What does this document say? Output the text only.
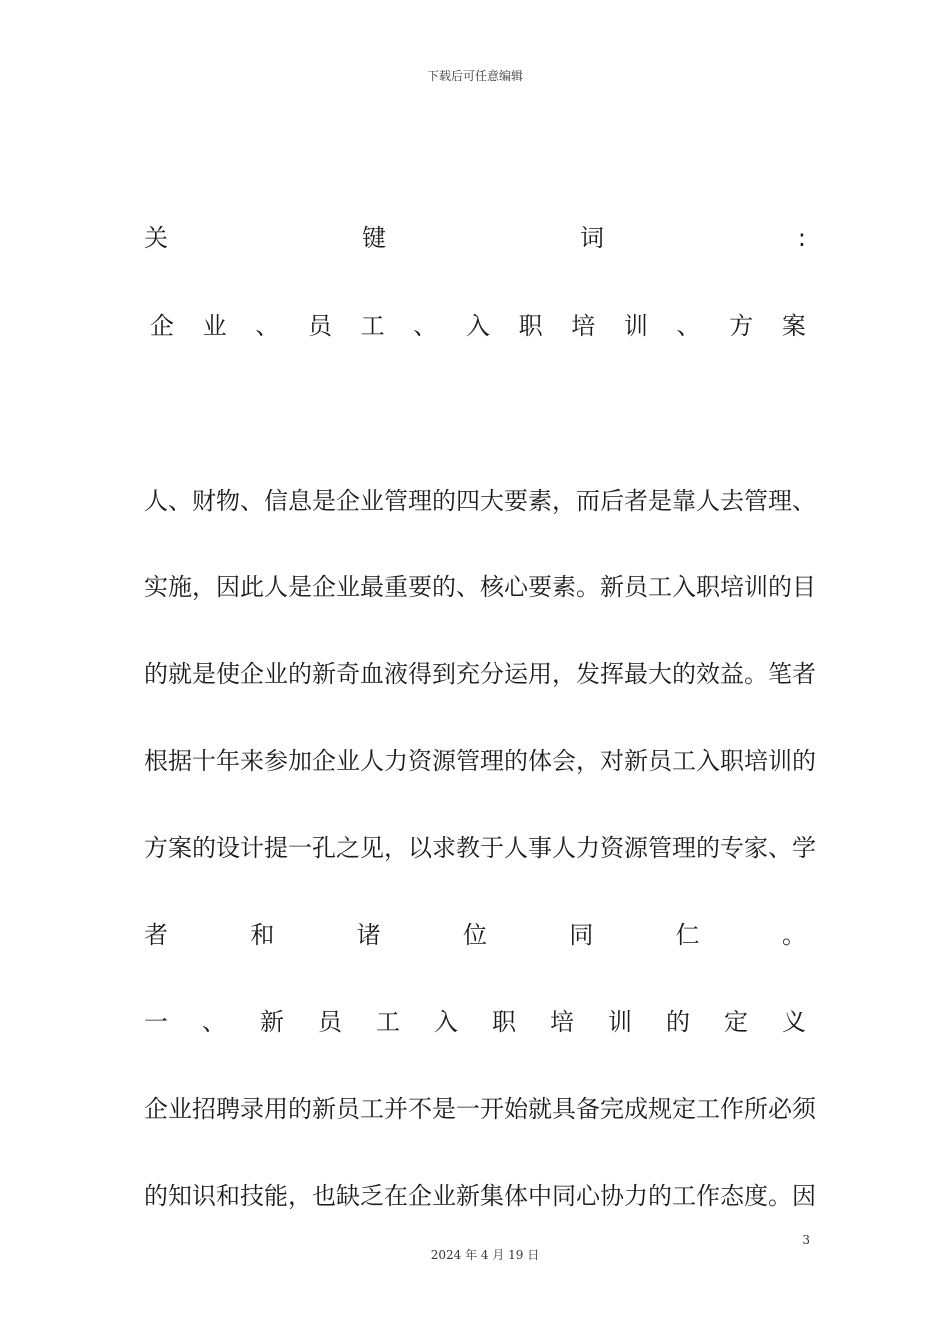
下载后可任意编辑
关	键	词	:
企 业 、 员 工 、 入 职 培 训 、 方 案
人、财物、信息是企业管理的四大要素，而后者是靠人去管理、
实施，因此人是企业最重要的、核心要素。新员工入职培训的目
的就是使企业的新奇血液得到充分运用，发挥最大的效益。笔者
根据十年来参加企业人力资源管理的体会，对新员工入职培训的
方案的设计提一孔之见，以求教于人事人力资源管理的专家、学
者	和	诸	位	同	仁	。
一 、 新 员 工 入 职 培 训 的 定 义
企业招聘录用的新员工并不是一开始就具备完成规定工作所必须
的知识和技能，也缺乏在企业新集体中同心协力的工作态度。因
3
2024 年 4 月 19 日
